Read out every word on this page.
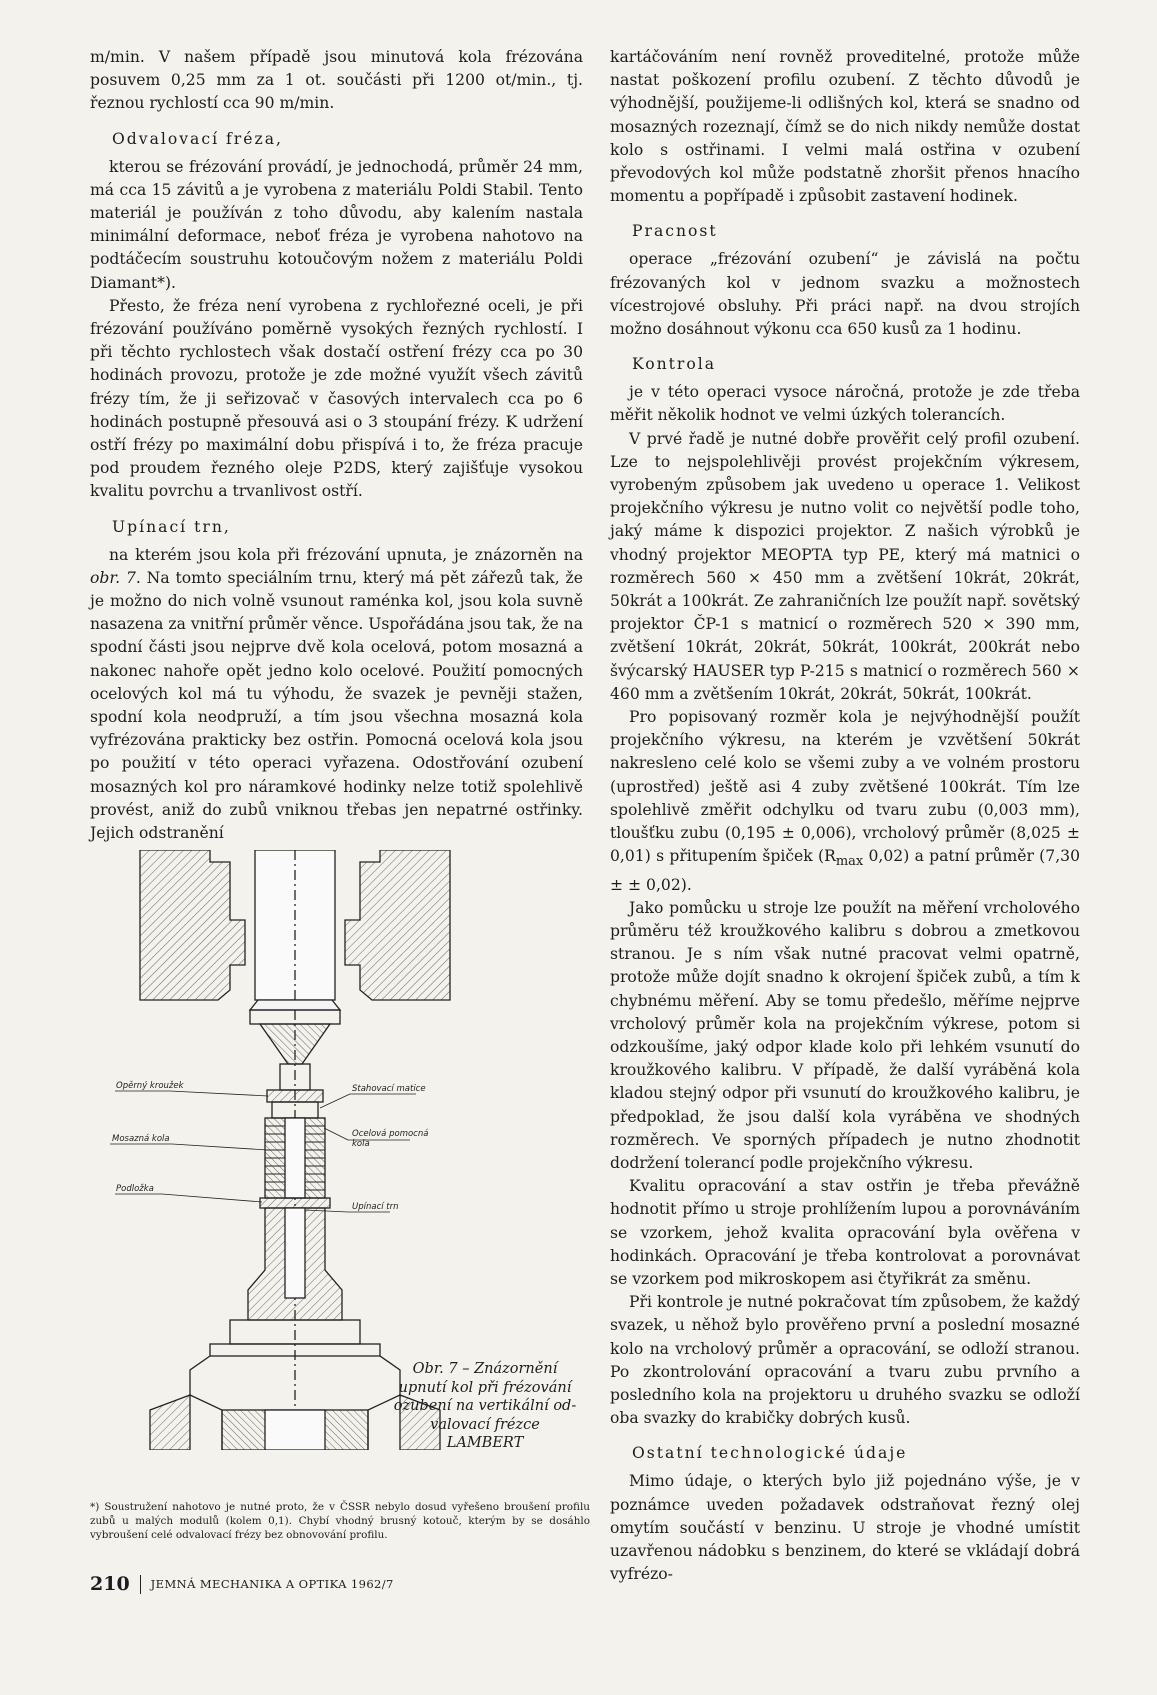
m/min. V našem případě jsou minutová kola frézována posuvem 0,25 mm za 1 ot. součásti při 1200 ot/min., tj. řeznou rychlostí cca 90 m/min.

Odvalovací fréza,

kterou se frézování provádí, je jednochodá, průměr 24 mm, má cca 15 závitů a je vyrobena z materiálu Poldi Stabil. Tento materiál je používán z toho důvodu, aby kalením nastala minimální deformace, neboť fréza je vyrobena nahotovo na podtáčecím soustruhu kotoučovým nožem z materiálu Poldi Diamant*).

Přesto, že fréza není vyrobena z rychlořezné oceli, je při frézování používáno poměrně vysokých řezných rychlostí. I při těchto rychlostech však dostačí ostření frézy cca po 30 hodinách provozu, protože je zde možné využít všech závitů frézy tím, že ji seřizovač v časových intervalech cca po 6 hodinách postupně přesouvá asi o 3 stoupání frézy. K udržení ostří frézy po maximální dobu přispívá i to, že fréza pracuje pod proudem řezného oleje P2DS, který zajišťuje vysokou kvalitu povrchu a trvanlivost ostří.

Upínací trn,

na kterém jsou kola při frézování upnuta, je znázorněn na obr. 7. Na tomto speciálním trnu, který má pět zářezů tak, že je možno do nich volně vsunout raménka kol, jsou kola suvně nasazena za vnitřní průměr věnce. Uspořádána jsou tak, že na spodní části jsou nejprve dvě kola ocelová, potom mosazná a nakonec nahoře opět jedno kolo ocelové. Použití pomocných ocelových kol má tu výhodu, že svazek je pevněji stažen, spodní kola neodpruží, a tím jsou všechna mosazná kola vyfrézována prakticky bez ostřin. Pomocná ocelová kola jsou po použití v této operaci vyřazena. Odostřování ozubení mosazných kol pro náramkové hodinky nelze totiž spolehlivě provést, aniž do zubů vniknou třebas jen nepatrné ostřinky. Jejich odstranění

Opěrný kroužek	Stahovací matice
Mosazná kola	Ocelová pomocná
kola
Podložka
Upínací trn
Obr. 7 – Znázornění
upnutí kol při frézování
ozubení na vertikální od-
valovací frézce
LAMBERT
*) Soustružení nahotovo je nutné proto, že v ČSSR nebylo dosud vyřešeno broušení profilu zubů u malých modulů (kolem 0,1). Chybí vhodný brusný kotouč, kterým by se dosáhlo vybroušení celé odvalovací frézy bez obnovování profilu.

kartáčováním není rovněž proveditelné, protože může nastat poškození profilu ozubení. Z těchto důvodů je výhodnější, použijeme-li odlišných kol, která se snadno od mosazných rozeznají, čímž se do nich nikdy nemůže dostat kolo s ostřinami. I velmi malá ostřina v ozubení převodových kol může podstatně zhoršit přenos hnacího momentu a popřípadě i způsobit zastavení hodinek.

Pracnost

operace „frézování ozubení“ je závislá na počtu frézovaných kol v jednom svazku a možnostech vícestrojové obsluhy. Při práci např. na dvou strojích možno dosáhnout výkonu cca 650 kusů za 1 hodinu.

Kontrola

je v této operaci vysoce náročná, protože je zde třeba měřit několik hodnot ve velmi úzkých tolerancích.

V prvé řadě je nutné dobře prověřit celý profil ozubení. Lze to nejspolehlivěji provést projekčním výkresem, vyrobeným způsobem jak uvedeno u operace 1. Velikost projekčního výkresu je nutno volit co největší podle toho, jaký máme k dispozici projektor. Z našich výrobků je vhodný projektor MEOPTA typ PE, který má matnici o rozměrech 560 × 450 mm a zvětšení 10krát, 20krát, 50krát a 100krát. Ze zahraničních lze použít např. sovětský projektor ČP-1 s matnicí o rozměrech 520 × 390 mm, zvětšení 10krát, 20krát, 50krát, 100krát, 200krát nebo švýcarský HAUSER typ P-215 s matnicí o rozměrech 560 × 460 mm a zvětšením 10krát, 20krát, 50krát, 100krát.

Pro popisovaný rozměr kola je nejvýhodnější použít projekčního výkresu, na kterém je vzvětšení 50krát nakresleno celé kolo se všemi zuby a ve volném prostoru (uprostřed) ještě asi 4 zuby zvětšené 100krát. Tím lze spolehlivě změřit odchylku od tvaru zubu (0,003 mm), tloušťku zubu (0,195 ± 0,006), vrcholový průměr (8,025 ± 0,01) s přitupením špiček ($R_{max}$ 0,02) a patní průměr (7,30 ± ± 0,02).

Jako pomůcku u stroje lze použít na měření vrcholového průměru též kroužkového kalibru s dobrou a zmetkovou stranou. Je s ním však nutné pracovat velmi opatrně, protože může dojít snadno k okrojení špiček zubů, a tím k chybnému měření. Aby se tomu předešlo, měříme nejprve vrcholový průměr kola na projekčním výkrese, potom si odzkoušíme, jaký odpor klade kolo při lehkém vsunutí do kroužkového kalibru. V případě, že další vyráběná kola kladou stejný odpor při vsunutí do kroužkového kalibru, je předpoklad, že jsou další kola vyráběna ve shodných rozměrech. Ve sporných případech je nutno zhodnotit dodržení tolerancí podle projekčního výkresu.

Kvalitu opracování a stav ostřin je třeba převážně hodnotit přímo u stroje prohlížením lupou a porovnáváním se vzorkem, jehož kvalita opracování byla ověřena v hodinkách. Opracování je třeba kontrolovat a porovnávat se vzorkem pod mikroskopem asi čtyřikrát za směnu.

Při kontrole je nutné pokračovat tím způsobem, že každý svazek, u něhož bylo prověřeno první a poslední mosazné kolo na vrcholový průměr a opracování, se odloží stranou. Po zkontrolování opracování a tvaru zubu prvního a posledního kola na projektoru u druhého svazku se odloží oba svazky do krabičky dobrých kusů.

Ostatní technologické údaje

Mimo údaje, o kterých bylo již pojednáno výše, je v poznámce uveden požadavek odstraňovat řezný olej omytím součástí v benzinu. U stroje je vhodné umístit uzavřenou nádobku s benzinem, do které se vkládají dobrá vyfrézo-

210 JEMNÁ MECHANIKA A OPTIKA 1962/7
